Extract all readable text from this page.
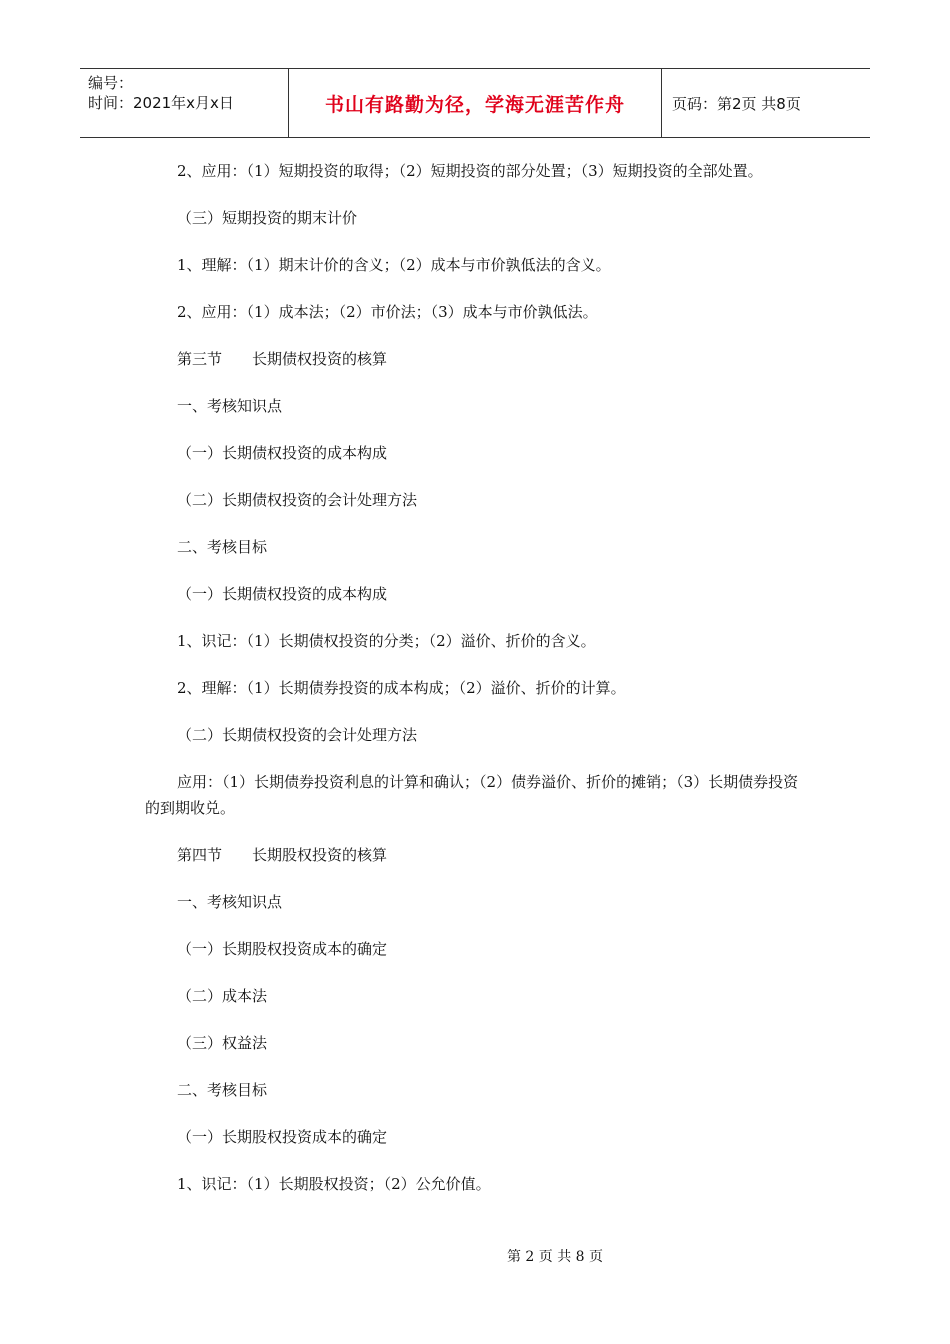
编号：
时间：2021年x月x日	书山有路勤为径，学海无涯苦作舟	页码：第2页 共8页

2、应用：（1）短期投资的取得；（2）短期投资的部分处置；（3）短期投资的全部处置。

（三）短期投资的期末计价

1、理解：（1）期末计价的含义；（2）成本与市价孰低法的含义。

2、应用：（1）成本法；（2）市价法；（3）成本与市价孰低法。

第三节　　长期债权投资的核算

一、考核知识点

（一）长期债权投资的成本构成

（二）长期债权投资的会计处理方法

二、考核目标

（一）长期债权投资的成本构成

1、识记：（1）长期债权投资的分类；（2）溢价、折价的含义。

2、理解：（1）长期债券投资的成本构成；（2）溢价、折价的计算。

（二）长期债权投资的会计处理方法

应用：（1）长期债券投资利息的计算和确认；（2）债券溢价、折价的摊销；（3）长期债券投资的到期收兑。

第四节　　长期股权投资的核算

一、考核知识点

（一）长期股权投资成本的确定

（二）成本法

（三）权益法

二、考核目标

（一）长期股权投资成本的确定

1、识记：（1）长期股权投资；（2）公允价值。

第 2 页 共 8 页
